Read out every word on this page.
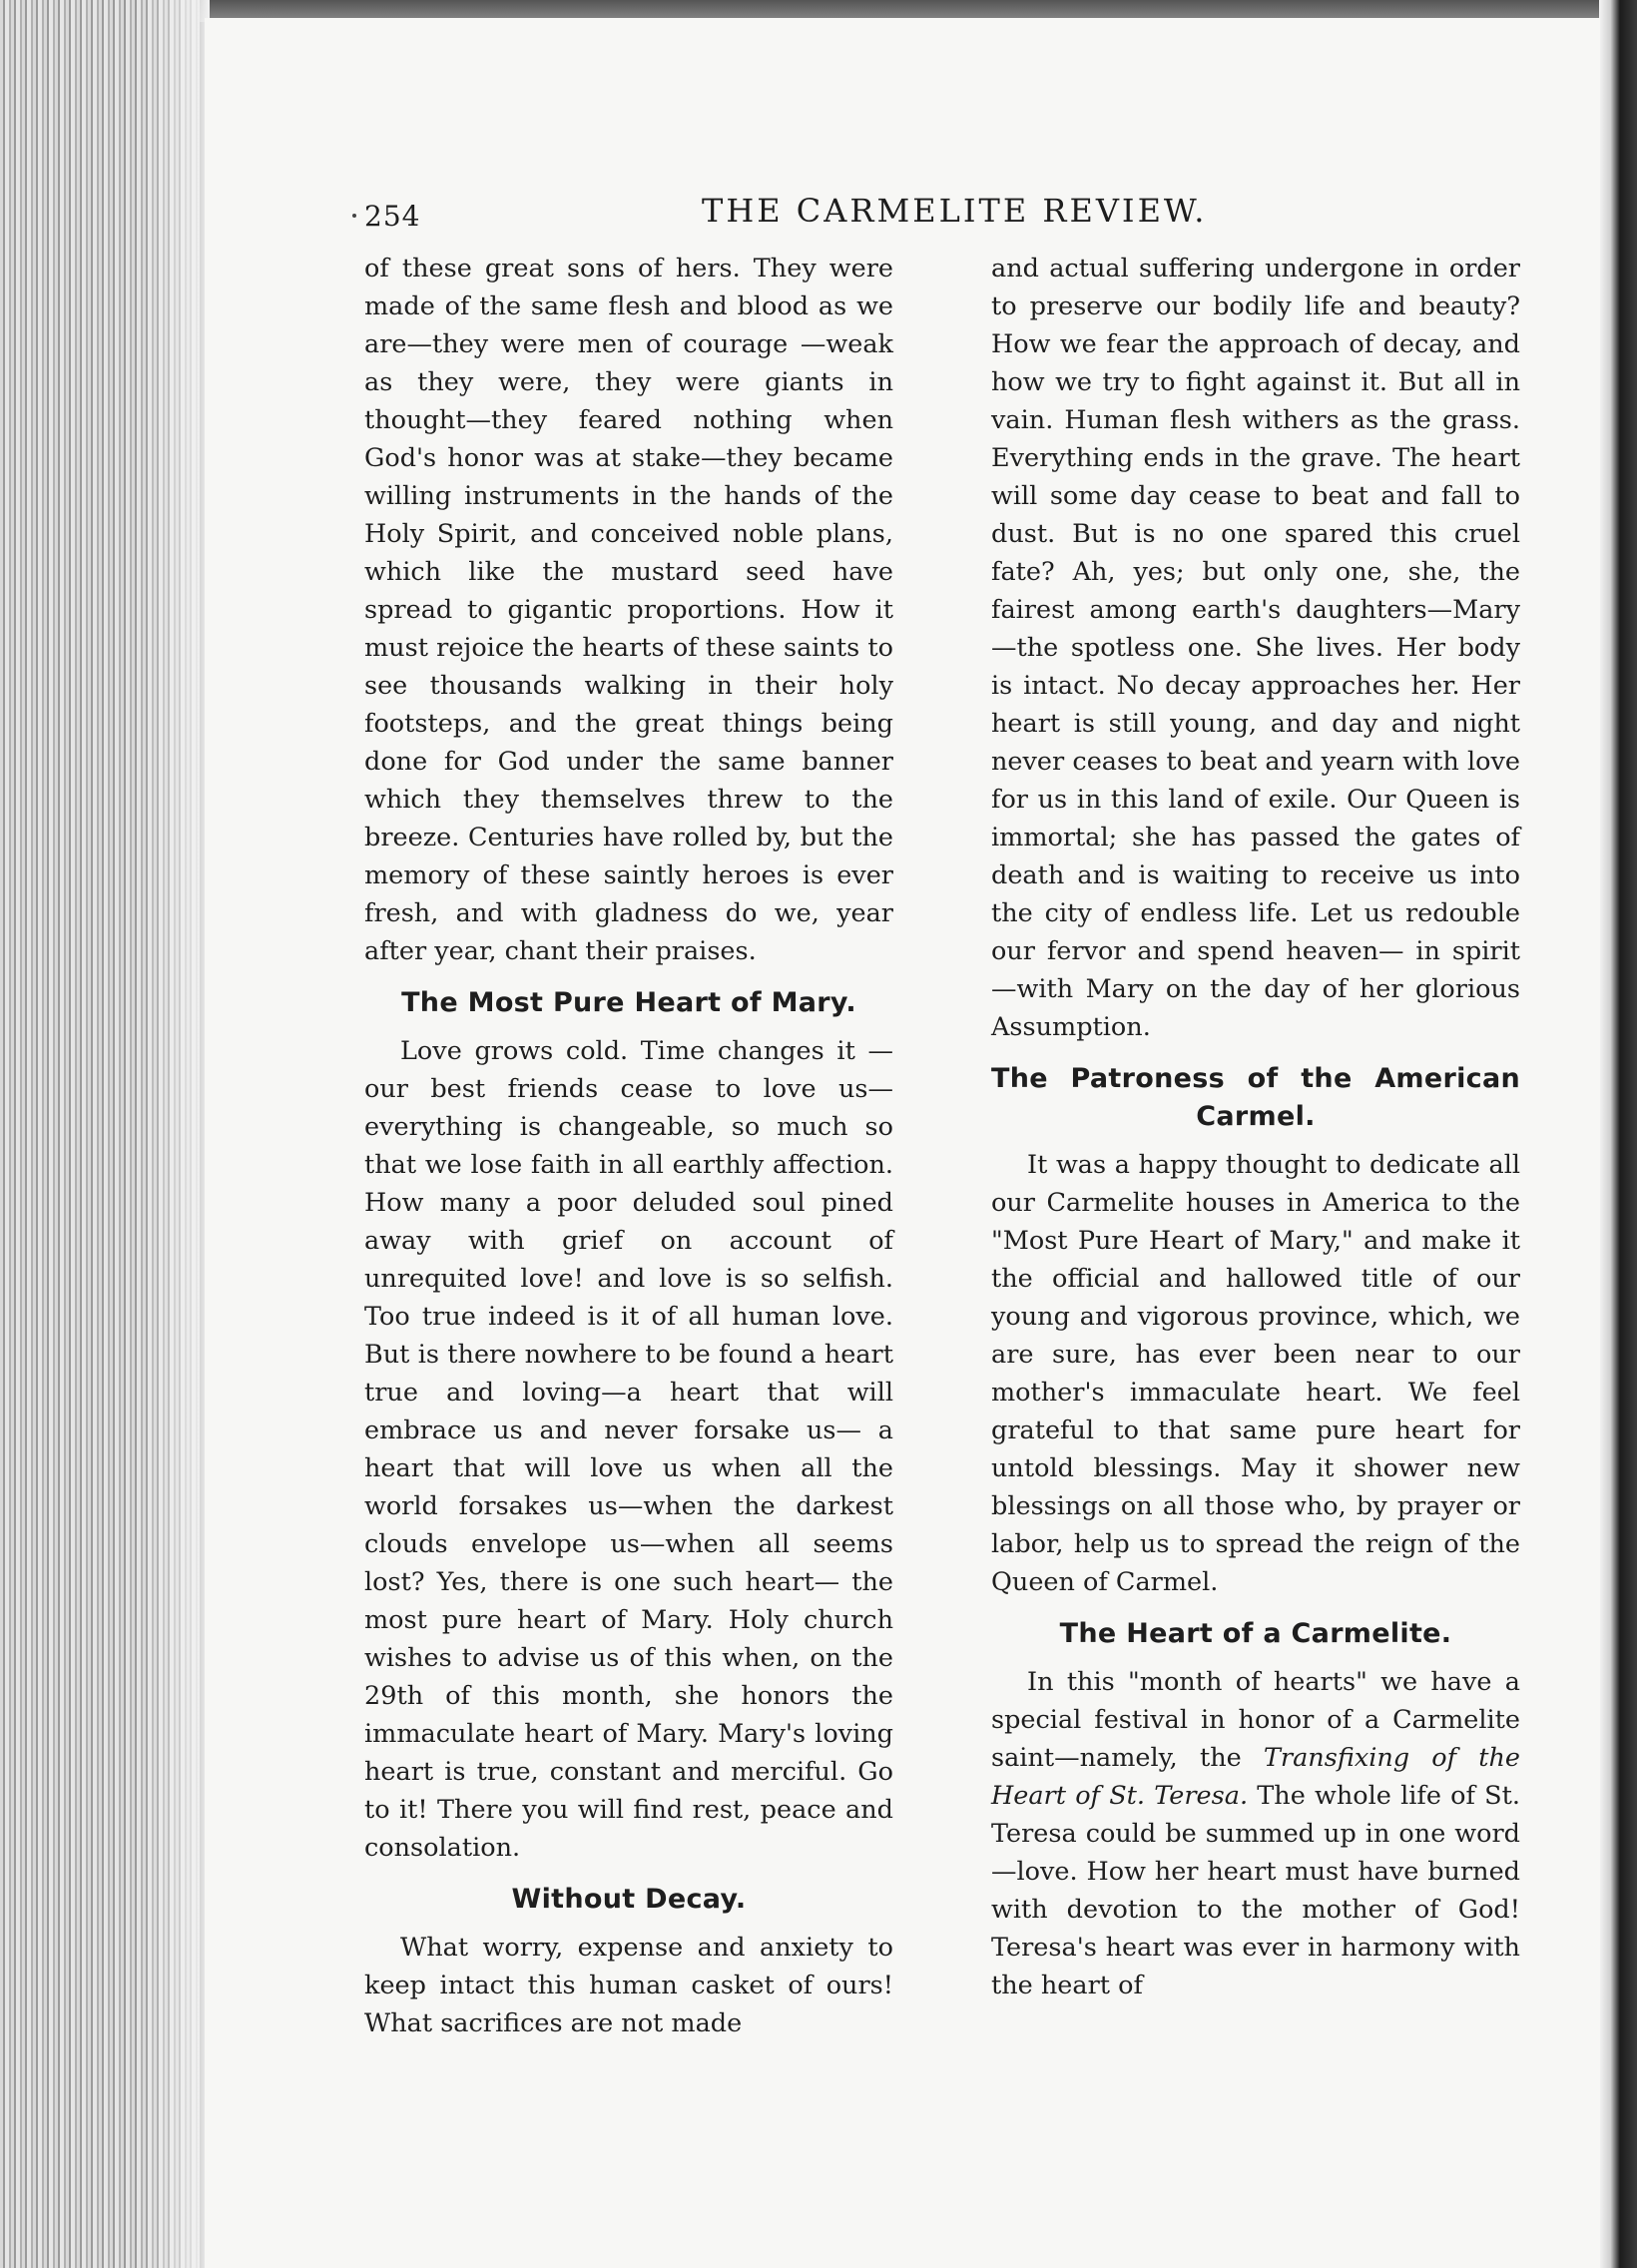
254	THE CARMELITE REVIEW.

of these great sons of hers. They were made of the same flesh and blood as we are—they were men of courage —weak as they were, they were giants in thought—they feared nothing when God's honor was at stake—they became willing instruments in the hands of the Holy Spirit, and conceived noble plans, which like the mustard seed have spread to gigantic proportions. How it must rejoice the hearts of these saints to see thousands walking in their holy footsteps, and the great things being done for God under the same banner which they themselves threw to the breeze. Centuries have rolled by, but the memory of these saintly heroes is ever fresh, and with gladness do we, year after year, chant their praises.

The Most Pure Heart of Mary.

Love grows cold. Time changes it —our best friends cease to love us— everything is changeable, so much so that we lose faith in all earthly affection. How many a poor deluded soul pined away with grief on account of unrequited love! and love is so selfish. Too true indeed is it of all human love. But is there nowhere to be found a heart true and loving—a heart that will embrace us and never forsake us— a heart that will love us when all the world forsakes us—when the darkest clouds envelope us—when all seems lost? Yes, there is one such heart— the most pure heart of Mary. Holy church wishes to advise us of this when, on the 29th of this month, she honors the immaculate heart of Mary. Mary's loving heart is true, constant and merciful. Go to it! There you will find rest, peace and consolation.

Without Decay.

What worry, expense and anxiety to keep intact this human casket of ours! What sacrifices are not made

and actual suffering undergone in order to preserve our bodily life and beauty? How we fear the approach of decay, and how we try to fight against it. But all in vain. Human flesh withers as the grass. Everything ends in the grave. The heart will some day cease to beat and fall to dust. But is no one spared this cruel fate? Ah, yes; but only one, she, the fairest among earth's daughters—Mary—the spotless one. She lives. Her body is intact. No decay approaches her. Her heart is still young, and day and night never ceases to beat and yearn with love for us in this land of exile. Our Queen is immortal; she has passed the gates of death and is waiting to receive us into the city of endless life. Let us redouble our fervor and spend heaven— in spirit—with Mary on the day of her glorious Assumption.

The Patroness of the American Carmel.

It was a happy thought to dedicate all our Carmelite houses in America to the "Most Pure Heart of Mary," and make it the official and hallowed title of our young and vigorous province, which, we are sure, has ever been near to our mother's immaculate heart. We feel grateful to that same pure heart for untold blessings. May it shower new blessings on all those who, by prayer or labor, help us to spread the reign of the Queen of Carmel.

The Heart of a Carmelite.

In this "month of hearts" we have a special festival in honor of a Carmelite saint—namely, the Transfixing of the Heart of St. Teresa. The whole life of St. Teresa could be summed up in one word—love. How her heart must have burned with devotion to the mother of God! Teresa's heart was ever in harmony with the heart of
